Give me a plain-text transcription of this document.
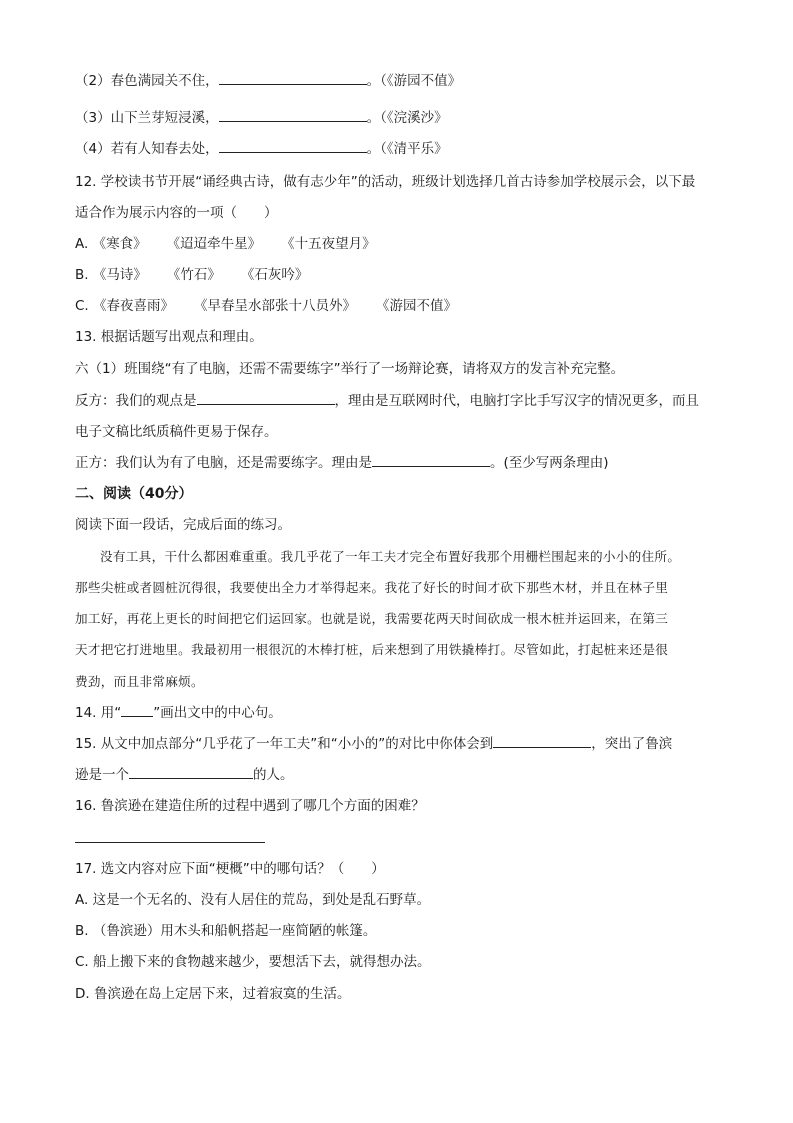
（2）春色满园关不住，	。（《游园不值》
（3）山下兰芽短浸溪，	。（《浣溪沙》
（4）若有人知春去处，	。（《清平乐》
12. 学校读书节开展“诵经典古诗，做有志少年”的活动，班级计划选择几首古诗参加学校展示会，以下最
适合作为展示内容的一项（　　）
A. 《寒食》 《迢迢牵牛星》 《十五夜望月》
B. 《马诗》 《竹石》 《石灰吟》
C. 《春夜喜雨》 《早春呈水部张十八员外》 《游园不值》
13. 根据话题写出观点和理由。
六（1）班围绕“有了电脑，还需不需要练字”举行了一场辩论赛，请将双方的发言补充完整。
反方：我们的观点是	，理由是互联网时代，电脑打字比手写汉字的情况更多，而且
电子文稿比纸质稿件更易于保存。
正方：我们认为有了电脑，还是需要练字。理由是	。(至少写两条理由)
二、阅读（40分）
阅读下面一段话，完成后面的练习。
没有工具，干什么都困难重重。我几乎花了一年工夫才完全布置好我那个用栅栏围起来的小小的住所。
那些尖桩或者圆桩沉得很，我要使出全力才举得起来。我花了好长的时间才砍下那些木材，并且在林子里
加工好，再花上更长的时间把它们运回家。也就是说，我需要花两天时间砍成一根木桩并运回来，在第三
天才把它打进地里。我最初用一根很沉的木棒打桩，后来想到了用铁撬棒打。尽管如此，打起桩来还是很
费劲，而且非常麻烦。
14. 用“ ”画出文中的中心句。
15. 从文中加点部分“几乎花了一年工夫”和“小小的”的对比中你体会到	，突出了鲁滨
逊是一个	的人。
16. 鲁滨逊在建造住所的过程中遇到了哪几个方面的困难？
17. 选文内容对应下面“梗概”中的哪句话？（　　）
A. 这是一个无名的、没有人居住的荒岛，到处是乱石野草。
B. （鲁滨逊）用木头和船帆搭起一座简陋的帐篷。
C. 船上搬下来的食物越来越少，要想活下去，就得想办法。
D. 鲁滨逊在岛上定居下来，过着寂寞的生活。
